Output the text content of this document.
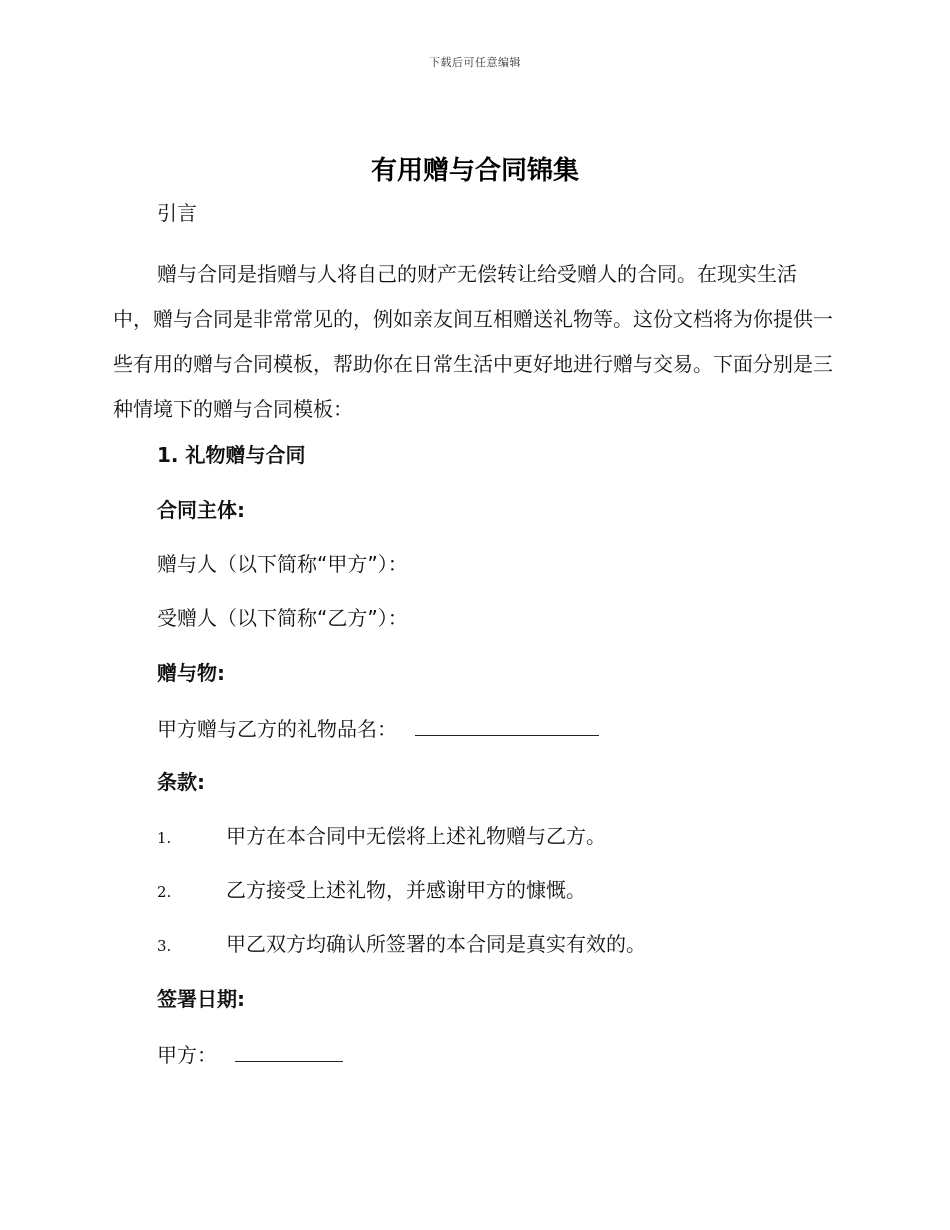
下载后可任意编辑
有用赠与合同锦集
引言

赠与合同是指赠与人将自己的财产无偿转让给受赠人的合同。在现实生活中，赠与合同是非常常见的，例如亲友间互相赠送礼物等。这份文档将为你提供一些有用的赠与合同模板，帮助你在日常生活中更好地进行赠与交易。下面分别是三种情境下的赠与合同模板：

1. 礼物赠与合同
合同主体:
赠与人（以下简称“甲方”）：
受赠人（以下简称“乙方”）：
赠与物:
甲方赠与乙方的礼物品名：
条款:
1.	甲方在本合同中无偿将上述礼物赠与乙方。
2.	乙方接受上述礼物，并感谢甲方的慷慨。
3.	甲乙双方均确认所签署的本合同是真实有效的。
签署日期:
甲方：
